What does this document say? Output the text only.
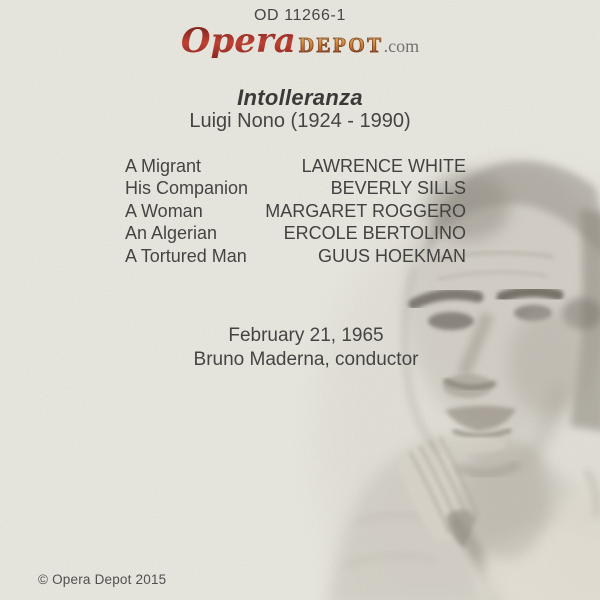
OD 11266-1
Opera DEPOT .com
Intolleranza
Luigi Nono (1924 - 1990)
A Migrant	LAWRENCE WHITE
His Companion	BEVERLY SILLS
A Woman	MARGARET ROGGERO
An Algerian	ERCOLE BERTOLINO
A Tortured Man	GUUS HOEKMAN
February 21, 1965
Bruno Maderna, conductor
© Opera Depot 2015
